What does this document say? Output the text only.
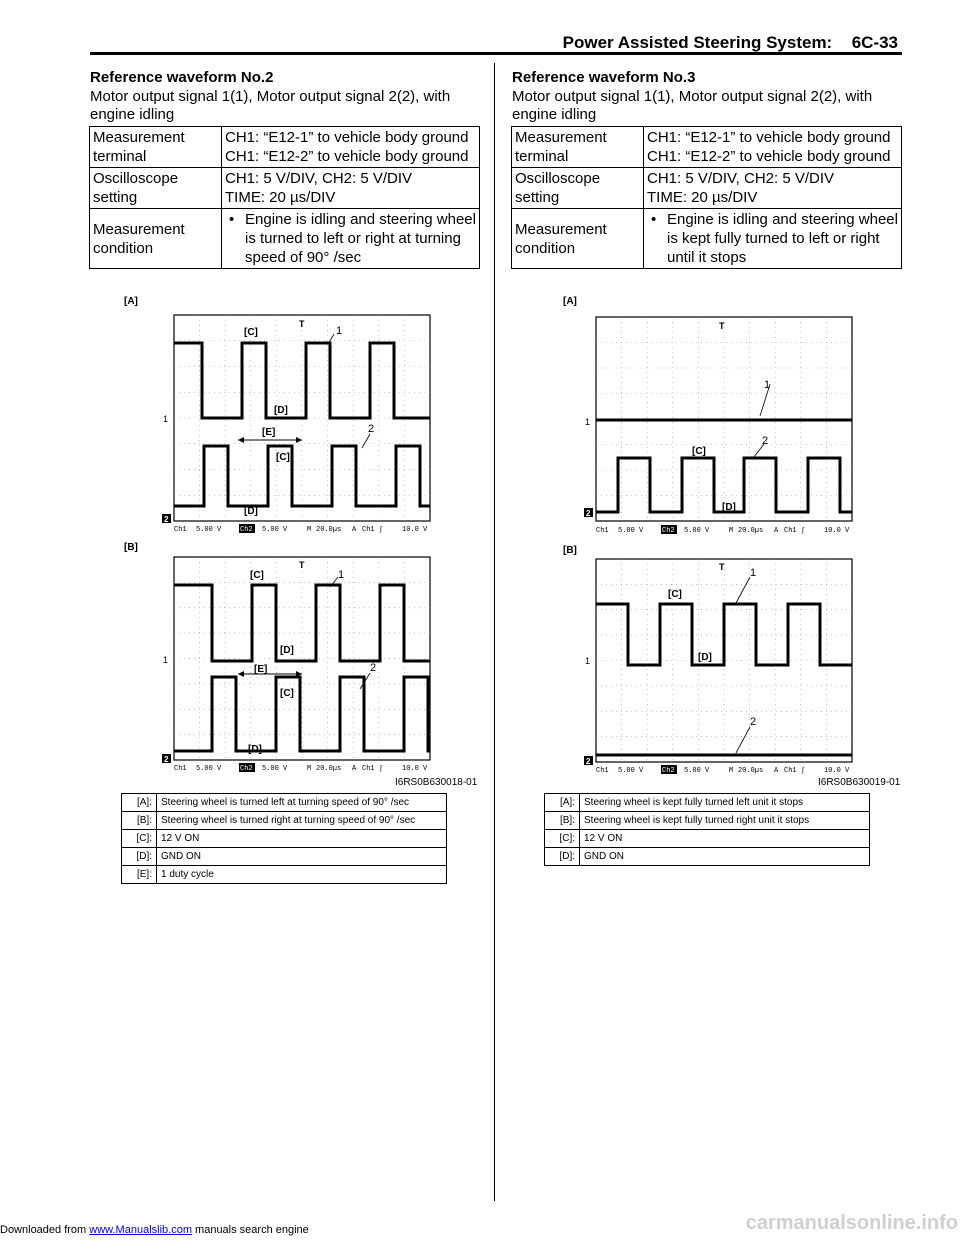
Power Assisted Steering System: 6C-33
Reference waveform No.2
Motor output signal 1(1), Motor output signal 2(2), with engine idling
Measurement terminal	CH1: “E12-1” to vehicle body ground
CH1: “E12-2” to vehicle body ground

Oscilloscope setting	CH1: 5 V/DIV, CH2: 5 V/DIV
TIME: 20 µs/DIV

Measurement condition	• Engine is idling and steering wheel is turned to left or right at turning speed of 90° /sec
[A]
1
2
[C]
[D]
[E]
[C]
[D]
1
2
T
Ch1 5.00 V	Ch2 5.00 V	M 20.0µs A Ch1 ∫	10.0 V
[B]
1
2
[C]
[D]
[E]
[C]
[D]
1
2
T
Ch1 5.00 V	Ch2 5.00 V	M 20.0µs A Ch1 ∫	10.0 V
I6RS0B630018-01
[A]:	Steering wheel is turned left at turning speed of 90° /sec
[B]:	Steering wheel is turned right at turning speed of 90° /sec
[C]:	12 V ON
[D]:	GND ON
[E]:	1 duty cycle
Reference waveform No.3
Motor output signal 1(1), Motor output signal 2(2), with engine idling
Measurement terminal	CH1: “E12-1” to vehicle body ground
CH1: “E12-2” to vehicle body ground

Oscilloscope setting	CH1: 5 V/DIV, CH2: 5 V/DIV
TIME: 20 µs/DIV

Measurement condition	• Engine is idling and steering wheel is kept fully turned to left or right until it stops
[A]
1
2
[C]
[D]
1
2
T
Ch1 5.00 V	Ch2 5.00 V	M 20.0µs A Ch1 ∫	10.0 V
[B]
1
2
[C]
[D]
1
2
T
Ch1 5.00 V	Ch2 5.00 V	M 20.0µs A Ch1 ∫	10.0 V
I6RS0B630019-01
[A]:	Steering wheel is kept fully turned left unit it stops
[B]:	Steering wheel is kept fully turned right unit it stops
[C]:	12 V ON
[D]:	GND ON
Downloaded from www.Manualslib.com manuals search engine	carmanualsonline.info
